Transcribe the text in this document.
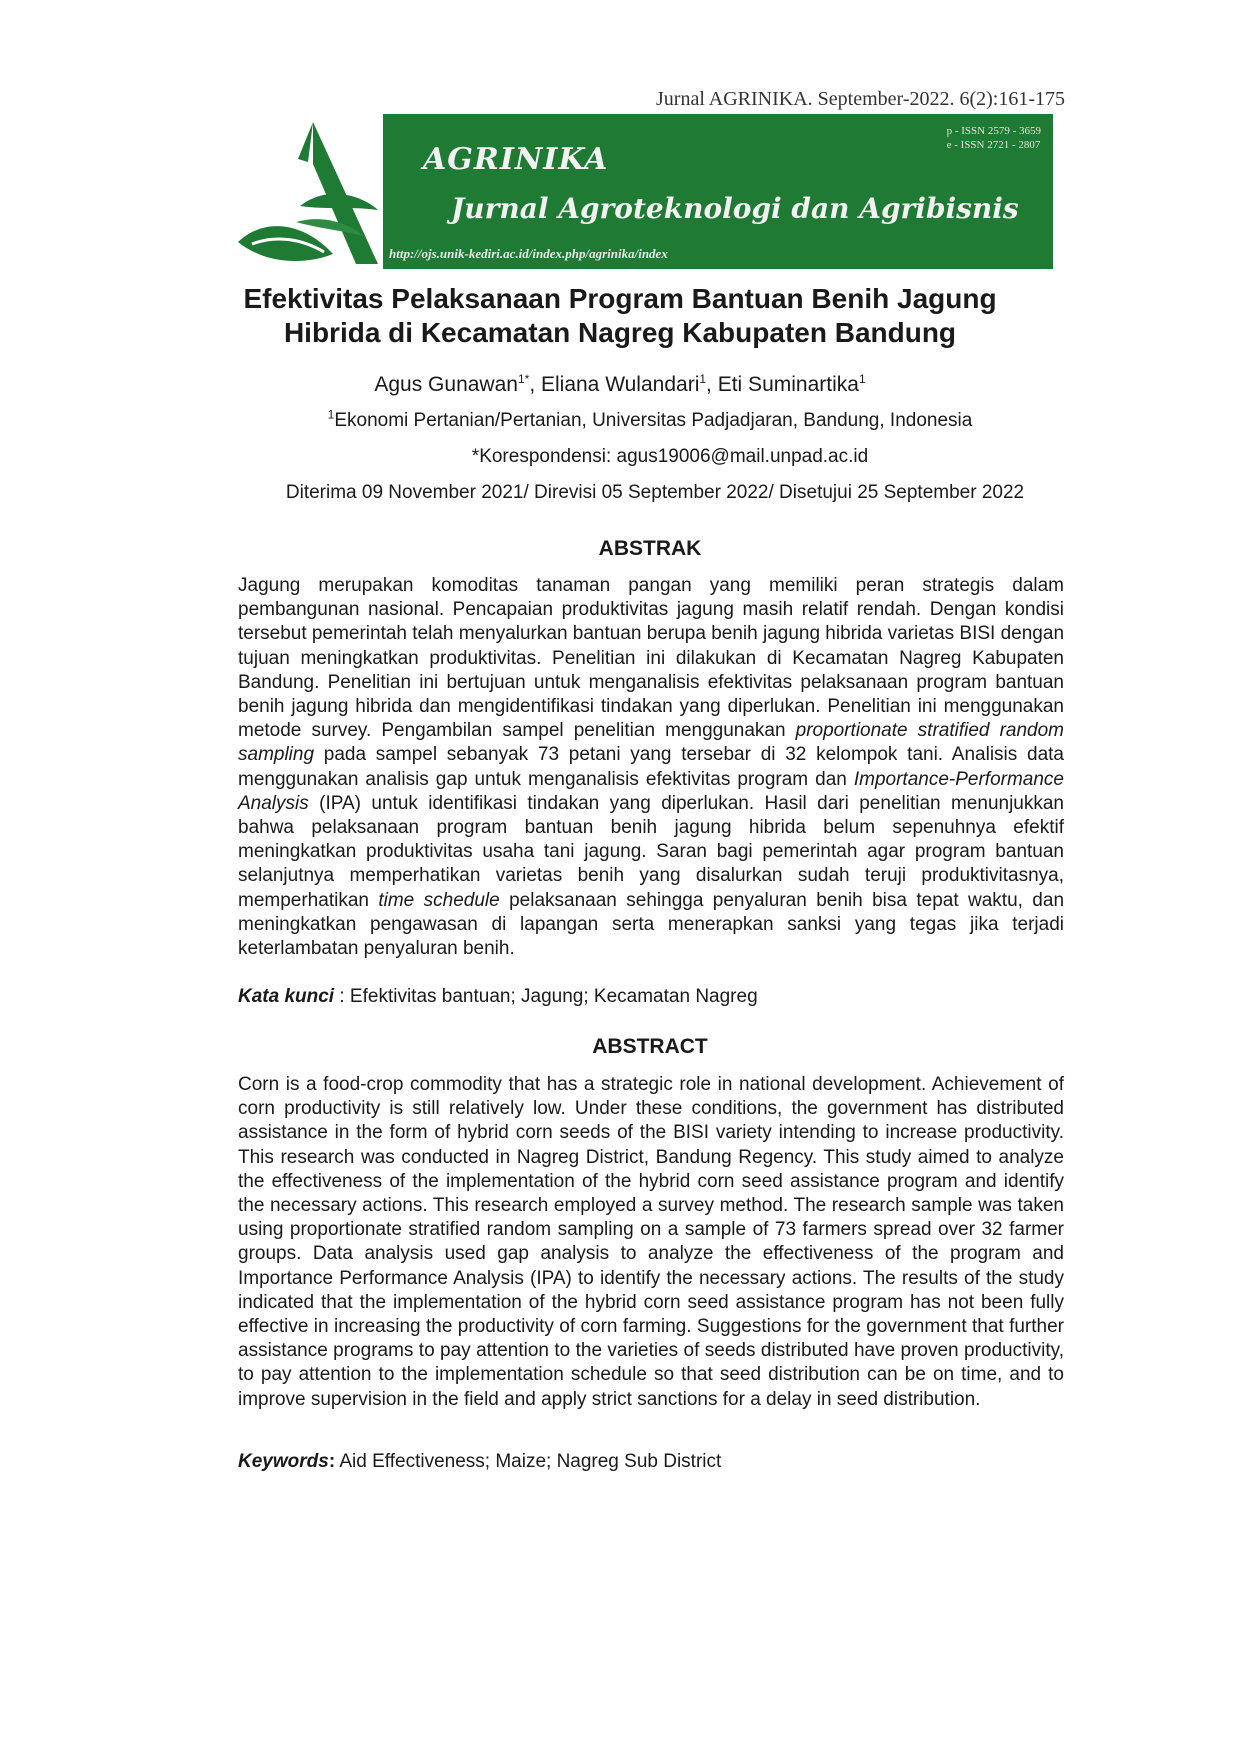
Jurnal AGRINIKA. September-2022. 6(2):161-175
AGRINIKA
Jurnal Agroteknologi dan Agribisnis
http://ojs.unik-kediri.ac.id/index.php/agrinika/index
p - ISSN 2579 - 3659
e - ISSN 2721 - 2807
Efektivitas Pelaksanaan Program Bantuan Benih Jagung
Hibrida di Kecamatan Nagreg Kabupaten Bandung
Agus Gunawan$^{1*}$, Eliana Wulandari$^1$, Eti Suminartika$^1$
$^1$Ekonomi Pertanian/Pertanian, Universitas Padjadjaran, Bandung, Indonesia
*Korespondensi: agus19006@mail.unpad.ac.id
Diterima 09 November 2021/ Direvisi 05 September 2022/ Disetujui 25 September 2022
ABSTRAK

Jagung merupakan komoditas tanaman pangan yang memiliki peran strategis dalam pembangunan nasional. Pencapaian produktivitas jagung masih relatif rendah. Dengan kondisi tersebut pemerintah telah menyalurkan bantuan berupa benih jagung hibrida varietas BISI dengan tujuan meningkatkan produktivitas. Penelitian ini dilakukan di Kecamatan Nagreg Kabupaten Bandung. Penelitian ini bertujuan untuk menganalisis efektivitas pelaksanaan program bantuan benih jagung hibrida dan mengidentifikasi tindakan yang diperlukan. Penelitian ini menggunakan metode survey. Pengambilan sampel penelitian menggunakan proportionate stratified random sampling pada sampel sebanyak 73 petani yang tersebar di 32 kelompok tani. Analisis data menggunakan analisis gap untuk menganalisis efektivitas program dan Importance-Performance Analysis (IPA) untuk identifikasi tindakan yang diperlukan. Hasil dari penelitian menunjukkan bahwa pelaksanaan program bantuan benih jagung hibrida belum sepenuhnya efektif meningkatkan produktivitas usaha tani jagung. Saran bagi pemerintah agar program bantuan selanjutnya memperhatikan varietas benih yang disalurkan sudah teruji produktivitasnya, memperhatikan time schedule pelaksanaan sehingga penyaluran benih bisa tepat waktu, dan meningkatkan pengawasan di lapangan serta menerapkan sanksi yang tegas jika terjadi keterlambatan penyaluran benih.

Kata kunci : Efektivitas bantuan; Jagung; Kecamatan Nagreg
ABSTRACT

Corn is a food-crop commodity that has a strategic role in national development. Achievement of corn productivity is still relatively low. Under these conditions, the government has distributed assistance in the form of hybrid corn seeds of the BISI variety intending to increase productivity. This research was conducted in Nagreg District, Bandung Regency. This study aimed to analyze the effectiveness of the implementation of the hybrid corn seed assistance program and identify the necessary actions. This research employed a survey method. The research sample was taken using proportionate stratified random sampling on a sample of 73 farmers spread over 32 farmer groups. Data analysis used gap analysis to analyze the effectiveness of the program and Importance Performance Analysis (IPA) to identify the necessary actions. The results of the study indicated that the implementation of the hybrid corn seed assistance program has not been fully effective in increasing the productivity of corn farming. Suggestions for the government that further assistance programs to pay attention to the varieties of seeds distributed have proven productivity, to pay attention to the implementation schedule so that seed distribution can be on time, and to improve supervision in the field and apply strict sanctions for a delay in seed distribution.

Keywords: Aid Effectiveness; Maize; Nagreg Sub District
